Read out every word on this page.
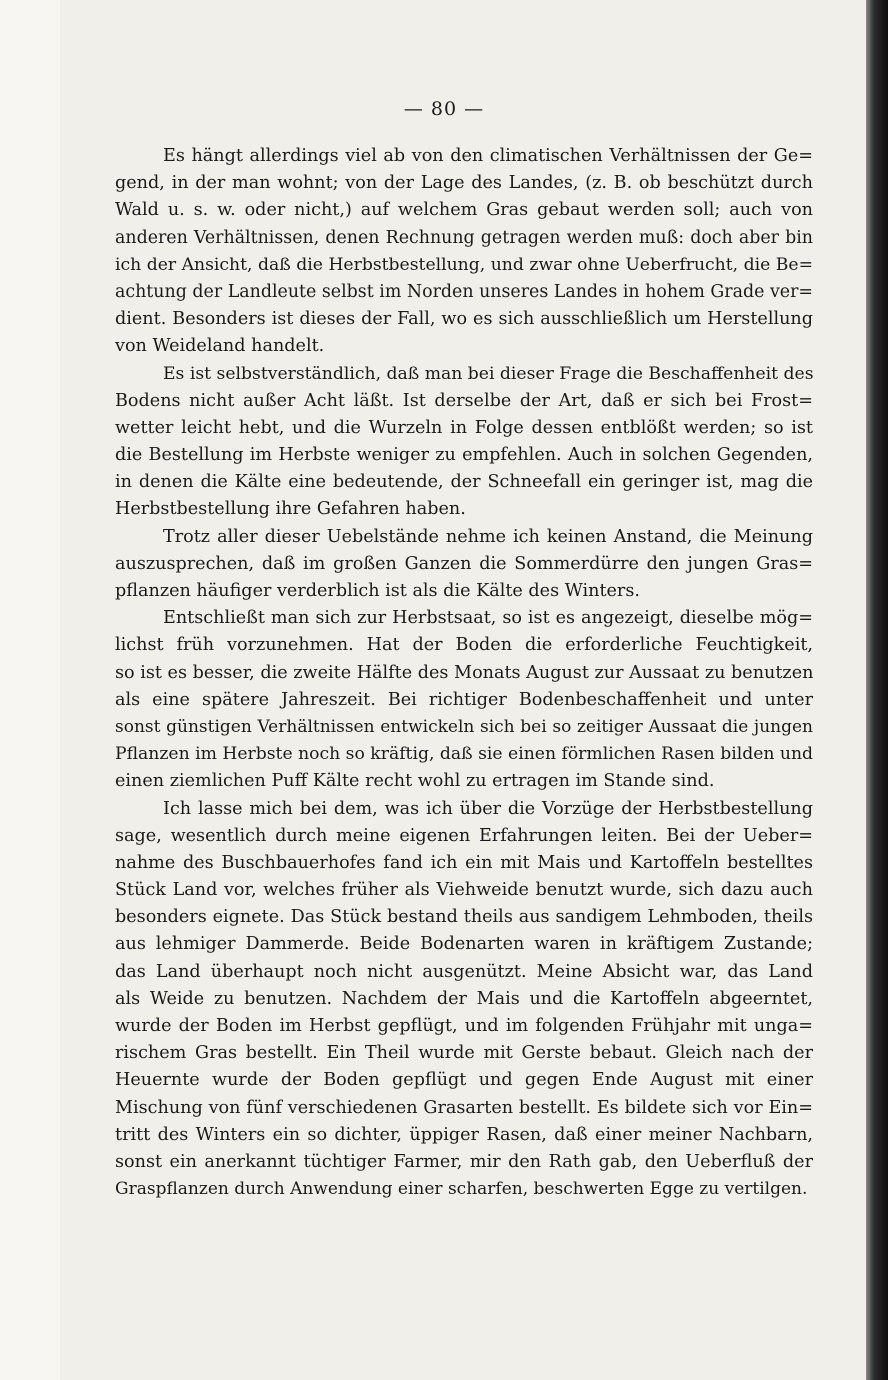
— 80 —
Es hängt allerdings viel ab von den climatischen Verhältnissen der Ge=
gend, in der man wohnt; von der Lage des Landes, (z. B. ob beschützt durch
Wald u. s. w. oder nicht,) auf welchem Gras gebaut werden soll; auch von
anderen Verhältnissen, denen Rechnung getragen werden muß: doch aber bin
ich der Ansicht, daß die Herbstbestellung, und zwar ohne Ueberfrucht, die Be=
achtung der Landleute selbst im Norden unseres Landes in hohem Grade ver=
dient. Besonders ist dieses der Fall, wo es sich ausschließlich um Herstellung
von Weideland handelt.
Es ist selbstverständlich, daß man bei dieser Frage die Beschaffenheit des
Bodens nicht außer Acht läßt. Ist derselbe der Art, daß er sich bei Frost=
wetter leicht hebt, und die Wurzeln in Folge dessen entblößt werden; so ist
die Bestellung im Herbste weniger zu empfehlen. Auch in solchen Gegenden,
in denen die Kälte eine bedeutende, der Schneefall ein geringer ist, mag die
Herbstbestellung ihre Gefahren haben.
Trotz aller dieser Uebelstände nehme ich keinen Anstand, die Meinung
auszusprechen, daß im großen Ganzen die Sommerdürre den jungen Gras=
pflanzen häufiger verderblich ist als die Kälte des Winters.
Entschließt man sich zur Herbstsaat, so ist es angezeigt, dieselbe mög=
lichst früh vorzunehmen. Hat der Boden die erforderliche Feuchtigkeit,
so ist es besser, die zweite Hälfte des Monats August zur Aussaat zu benutzen
als eine spätere Jahreszeit. Bei richtiger Bodenbeschaffenheit und unter
sonst günstigen Verhältnissen entwickeln sich bei so zeitiger Aussaat die jungen
Pflanzen im Herbste noch so kräftig, daß sie einen förmlichen Rasen bilden und
einen ziemlichen Puff Kälte recht wohl zu ertragen im Stande sind.
Ich lasse mich bei dem, was ich über die Vorzüge der Herbstbestellung
sage, wesentlich durch meine eigenen Erfahrungen leiten. Bei der Ueber=
nahme des Buschbauerhofes fand ich ein mit Mais und Kartoffeln bestelltes
Stück Land vor, welches früher als Viehweide benutzt wurde, sich dazu auch
besonders eignete. Das Stück bestand theils aus sandigem Lehmboden, theils
aus lehmiger Dammerde. Beide Bodenarten waren in kräftigem Zustande;
das Land überhaupt noch nicht ausgenützt. Meine Absicht war, das Land
als Weide zu benutzen. Nachdem der Mais und die Kartoffeln abgeerntet,
wurde der Boden im Herbst gepflügt, und im folgenden Frühjahr mit unga=
rischem Gras bestellt. Ein Theil wurde mit Gerste bebaut. Gleich nach der
Heuernte wurde der Boden gepflügt und gegen Ende August mit einer
Mischung von fünf verschiedenen Grasarten bestellt. Es bildete sich vor Ein=
tritt des Winters ein so dichter, üppiger Rasen, daß einer meiner Nachbarn,
sonst ein anerkannt tüchtiger Farmer, mir den Rath gab, den Ueberfluß der
Graspflanzen durch Anwendung einer scharfen, beschwerten Egge zu vertilgen.
